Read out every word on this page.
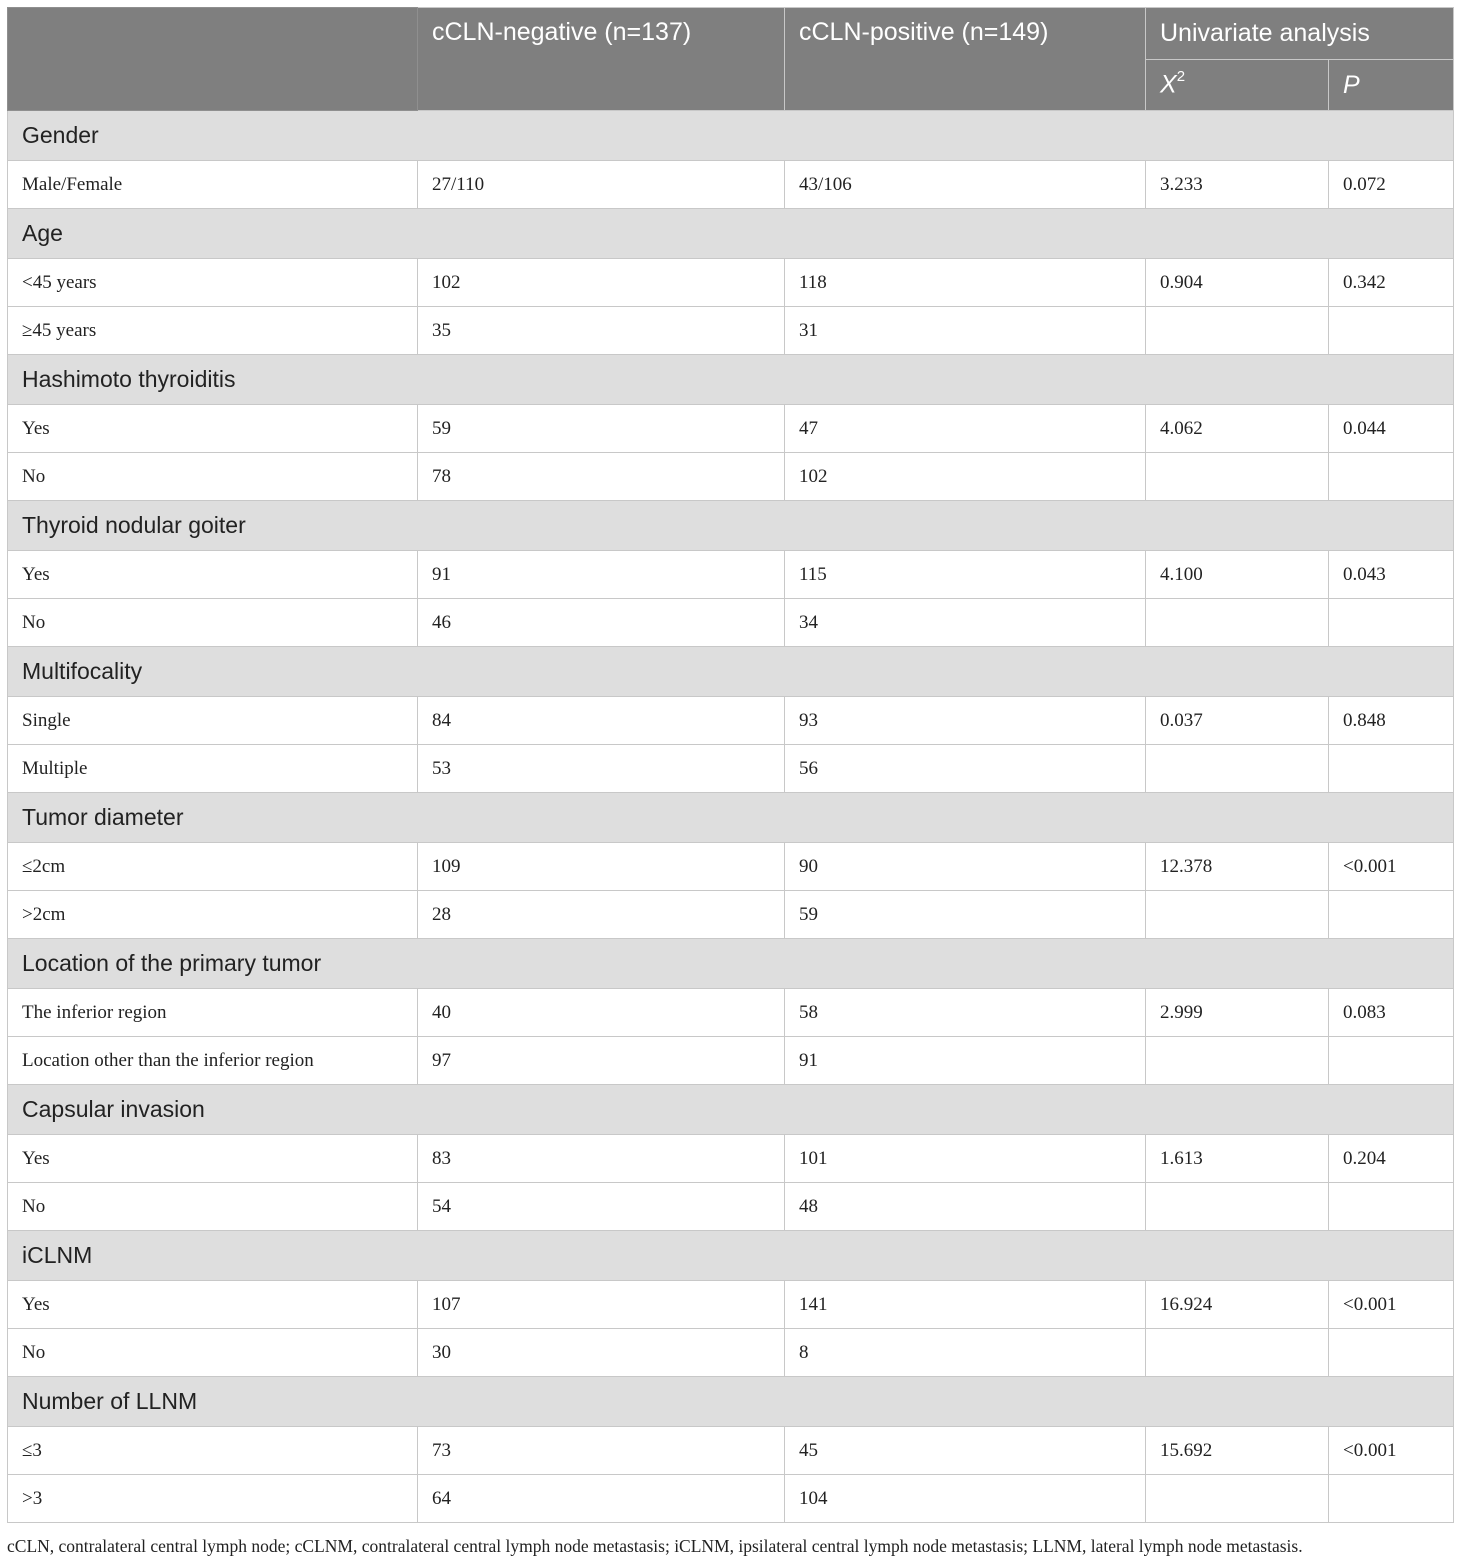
	cCLN-negative (n=137)	cCLN-positive (n=149)	Univariate analysis	
			$X^2$	P
Gender				
Male/Female	27/110	43/106	3.233	0.072
Age				
<45 years	102	118	0.904	0.342
≥45 years	35	31		
Hashimoto thyroiditis				
Yes	59	47	4.062	0.044
No	78	102		
Thyroid nodular goiter				
Yes	91	115	4.100	0.043
No	46	34		
Multifocality				
Single	84	93	0.037	0.848
Multiple	53	56		
Tumor diameter				
≤2cm	109	90	12.378	<0.001
>2cm	28	59		
Location of the primary tumor				
The inferior region	40	58	2.999	0.083
Location other than the inferior region	97	91		
Capsular invasion				
Yes	83	101	1.613	0.204
No	54	48		
iCLNM				
Yes	107	141	16.924	<0.001
No	30	8		
Number of LLNM				
≤3	73	45	15.692	<0.001
>3	64	104		
cCLN, contralateral central lymph node; cCLNM, contralateral central lymph node metastasis; iCLNM, ipsilateral central lymph node metastasis; LLNM, lateral lymph node metastasis.
